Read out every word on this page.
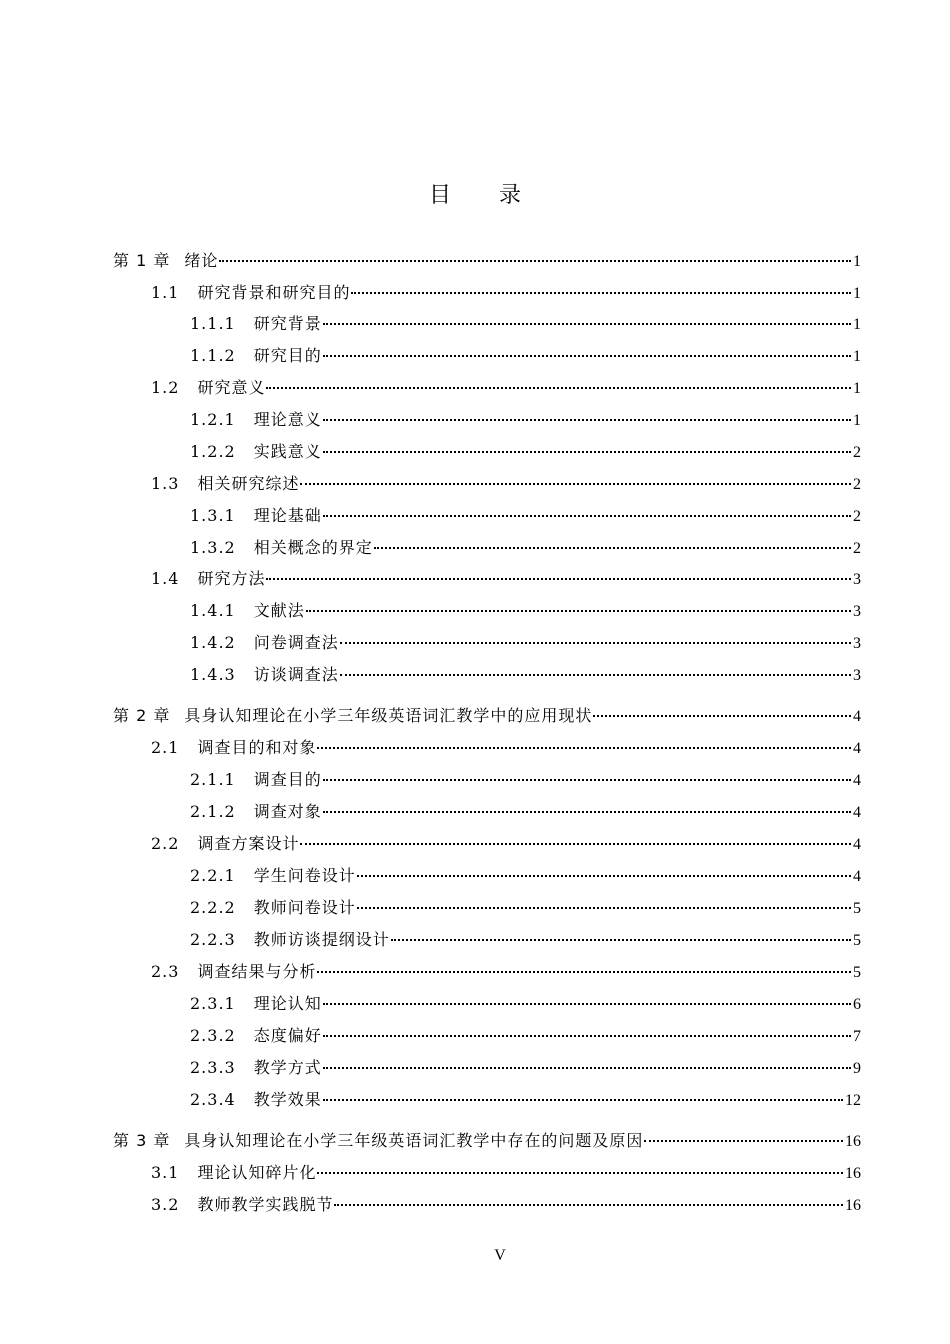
目录
第 1 章 绪论	1
1.1 研究背景和研究目的	1
1.1.1 研究背景	1
1.1.2 研究目的	1
1.2 研究意义	1
1.2.1 理论意义	1
1.2.2 实践意义	2
1.3 相关研究综述	2
1.3.1 理论基础	2
1.3.2 相关概念的界定	2
1.4 研究方法	3
1.4.1 文献法	3
1.4.2 问卷调查法	3
1.4.3 访谈调查法	3
第 2 章 具身认知理论在小学三年级英语词汇教学中的应用现状	4
2.1 调查目的和对象	4
2.1.1 调查目的	4
2.1.2 调查对象	4
2.2 调查方案设计	4
2.2.1 学生问卷设计	4
2.2.2 教师问卷设计	5
2.2.3 教师访谈提纲设计	5
2.3 调查结果与分析	5
2.3.1 理论认知	6
2.3.2 态度偏好	7
2.3.3 教学方式	9
2.3.4 教学效果	12
第 3 章 具身认知理论在小学三年级英语词汇教学中存在的问题及原因	16
3.1 理论认知碎片化	16
3.2 教师教学实践脱节	16
V
